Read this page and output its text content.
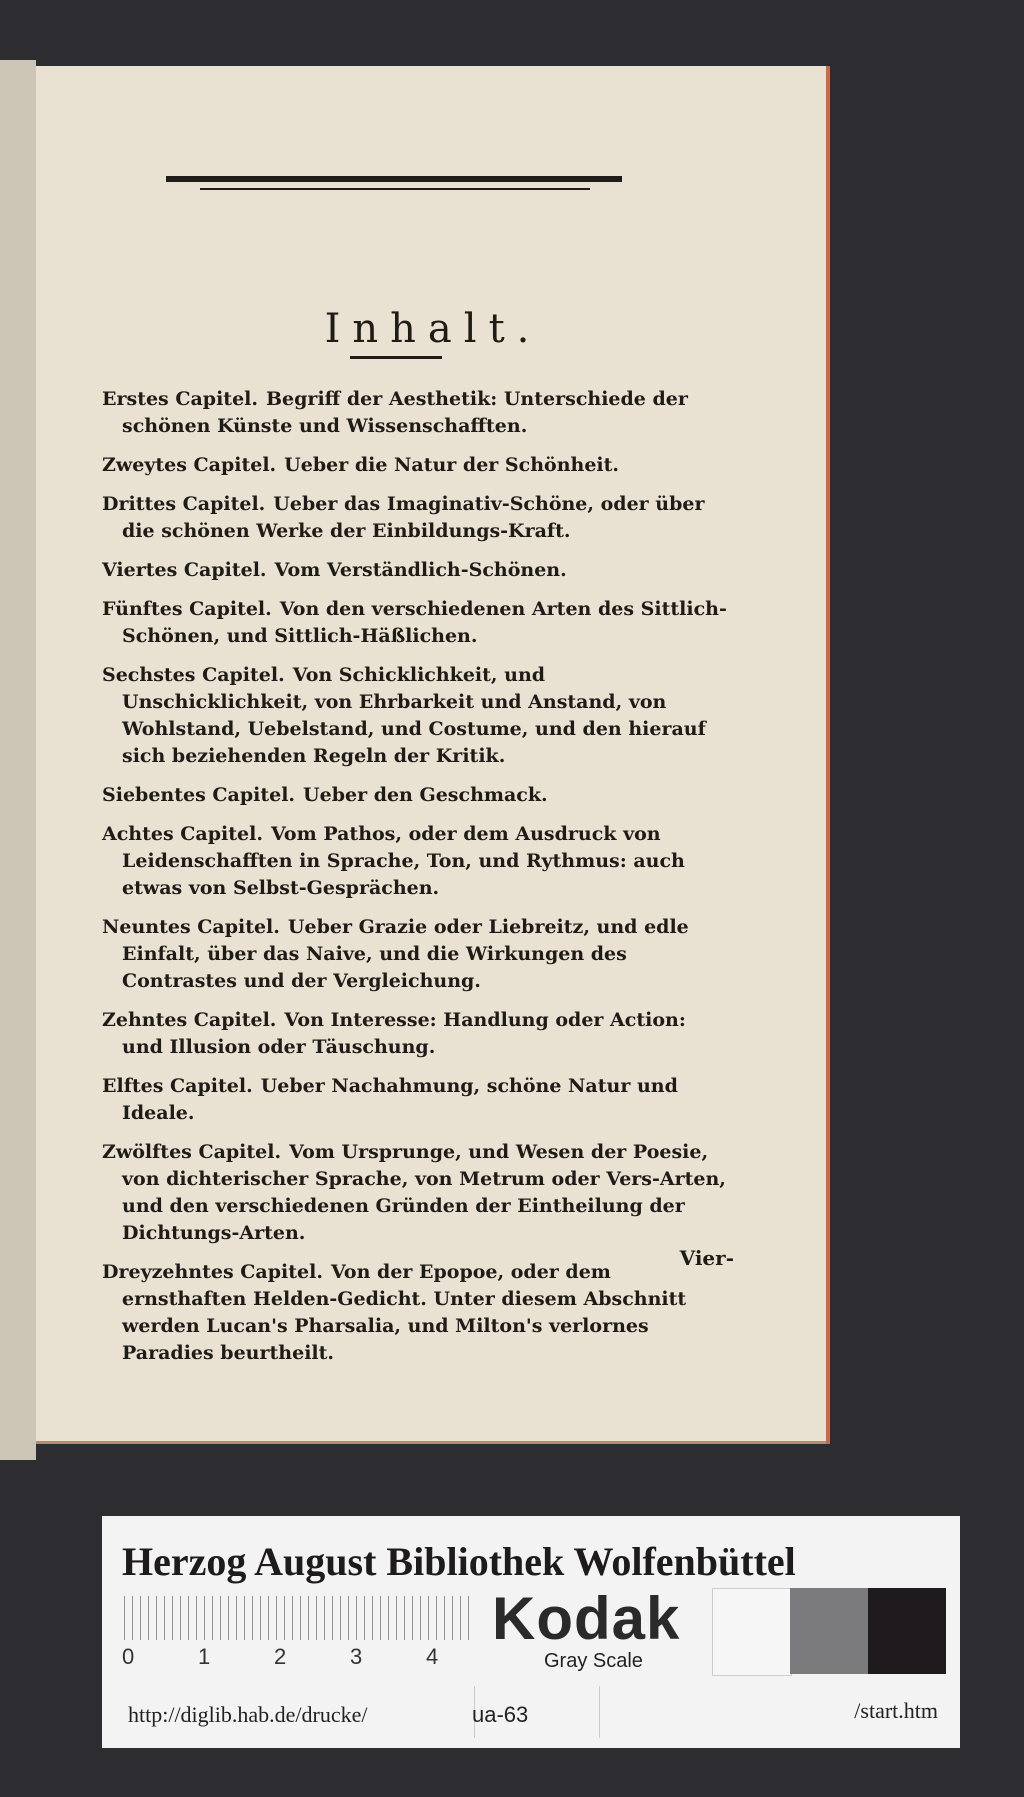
Inhalt.
Erstes Capitel. Begriff der Aesthetik: Unterschiede der schönen Künste und Wissenschafften.
Zweytes Capitel. Ueber die Natur der Schönheit.
Drittes Capitel. Ueber das Imaginativ-Schöne, oder über die schönen Werke der Einbildungs-Kraft.
Viertes Capitel. Vom Verständlich-Schönen.
Fünftes Capitel. Von den verschiedenen Arten des Sittlich-Schönen, und Sittlich-Häßlichen.
Sechstes Capitel. Von Schicklichkeit, und Unschicklichkeit, von Ehrbarkeit und Anstand, von Wohlstand, Uebelstand, und Costume, und den hierauf sich beziehenden Regeln der Kritik.
Siebentes Capitel. Ueber den Geschmack.
Achtes Capitel. Vom Pathos, oder dem Ausdruck von Leidenschafften in Sprache, Ton, und Rythmus: auch etwas von Selbst-Gesprächen.
Neuntes Capitel. Ueber Grazie oder Liebreitz, und edle Einfalt, über das Naive, und die Wirkungen des Contrastes und der Vergleichung.
Zehntes Capitel. Von Interesse: Handlung oder Action: und Illusion oder Täuschung.
Elftes Capitel. Ueber Nachahmung, schöne Natur und Ideale.
Zwölftes Capitel. Vom Ursprunge, und Wesen der Poesie, von dichterischer Sprache, von Metrum oder Vers-Arten, und den verschiedenen Gründen der Eintheilung der Dichtungs-Arten.
Dreyzehntes Capitel. Von der Epopoe, oder dem ernsthaften Helden-Gedicht. Unter diesem Abschnitt werden Lucan's Pharsalia, und Milton's verlornes Paradies beurtheilt.
Vier-
Herzog August Bibliothek Wolfenbüttel
0	1	2	3	4
Kodak
Gray Scale
http://diglib.hab.de/drucke/	ua-63	/start.htm
